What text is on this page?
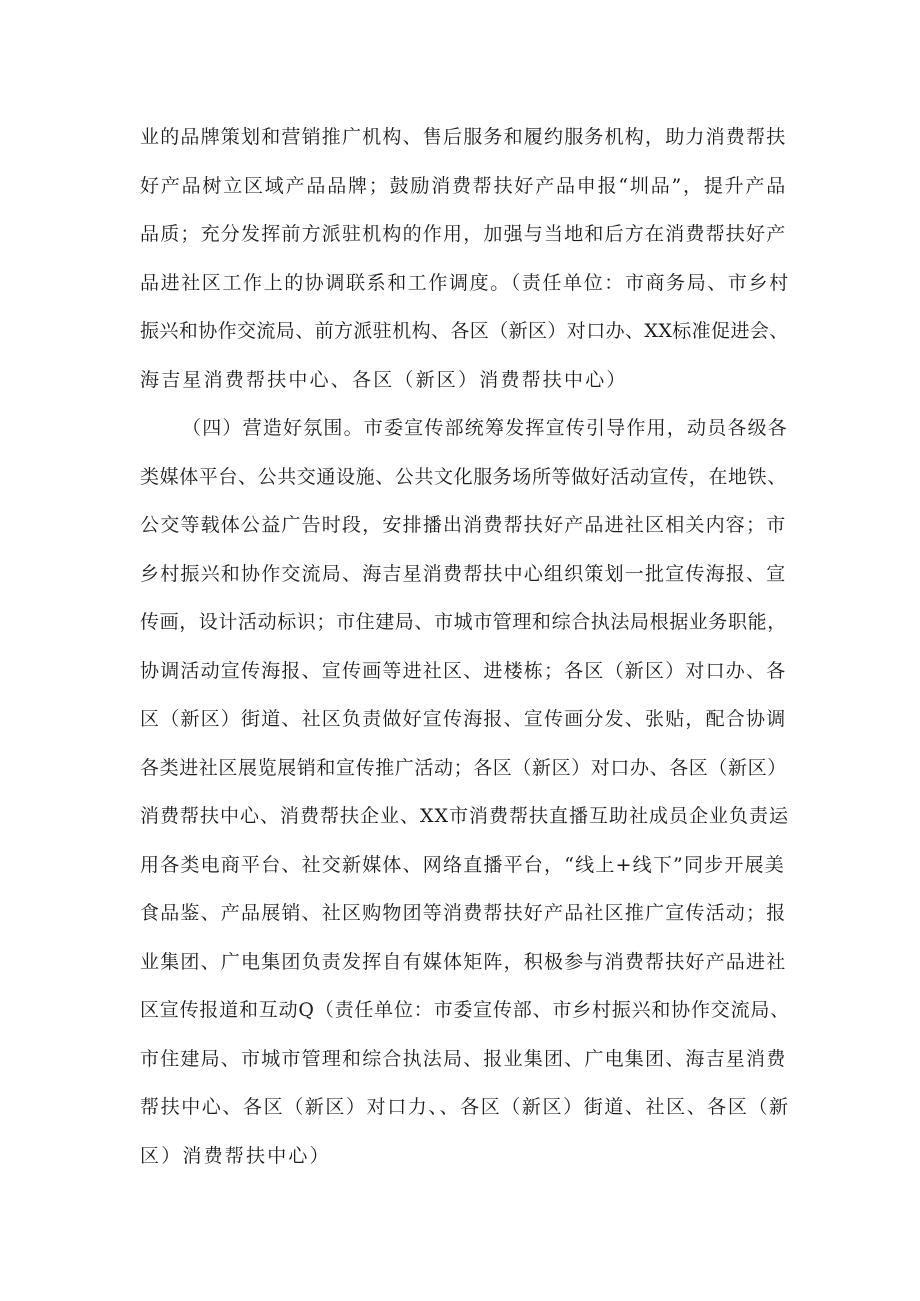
业的品牌策划和营销推广机构、售后服务和履约服务机构，助力消费帮扶
好产品树立区域产品品牌；鼓励消费帮扶好产品申报“圳品”，提升产品
品质；充分发挥前方派驻机构的作用，加强与当地和后方在消费帮扶好产
品进社区工作上的协调联系和工作调度。（责任单位：市商务局、市乡村
振兴和协作交流局、前方派驻机构、各区（新区）对口办、XX标准促进会、
海吉星消费帮扶中心、各区（新区）消费帮扶中心）
（四）营造好氛围。市委宣传部统筹发挥宣传引导作用，动员各级各
类媒体平台、公共交通设施、公共文化服务场所等做好活动宣传，在地铁、
公交等载体公益广告时段，安排播出消费帮扶好产品进社区相关内容；市
乡村振兴和协作交流局、海吉星消费帮扶中心组织策划一批宣传海报、宣
传画，设计活动标识；市住建局、市城市管理和综合执法局根据业务职能，
协调活动宣传海报、宣传画等进社区、进楼栋；各区（新区）对口办、各
区（新区）街道、社区负责做好宣传海报、宣传画分发、张贴，配合协调
各类进社区展览展销和宣传推广活动；各区（新区）对口办、各区（新区）
消费帮扶中心、消费帮扶企业、XX市消费帮扶直播互助社成员企业负责运
用各类电商平台、社交新媒体、网络直播平台，“线上+线下”同步开展美
食品鉴、产品展销、社区购物团等消费帮扶好产品社区推广宣传活动；报
业集团、广电集团负责发挥自有媒体矩阵，积极参与消费帮扶好产品进社
区宣传报道和互动Q（责任单位：市委宣传部、市乡村振兴和协作交流局、
市住建局、市城市管理和综合执法局、报业集团、广电集团、海吉星消费
帮扶中心、各区（新区）对口力、、各区（新区）街道、社区、各区（新
区）消费帮扶中心）
